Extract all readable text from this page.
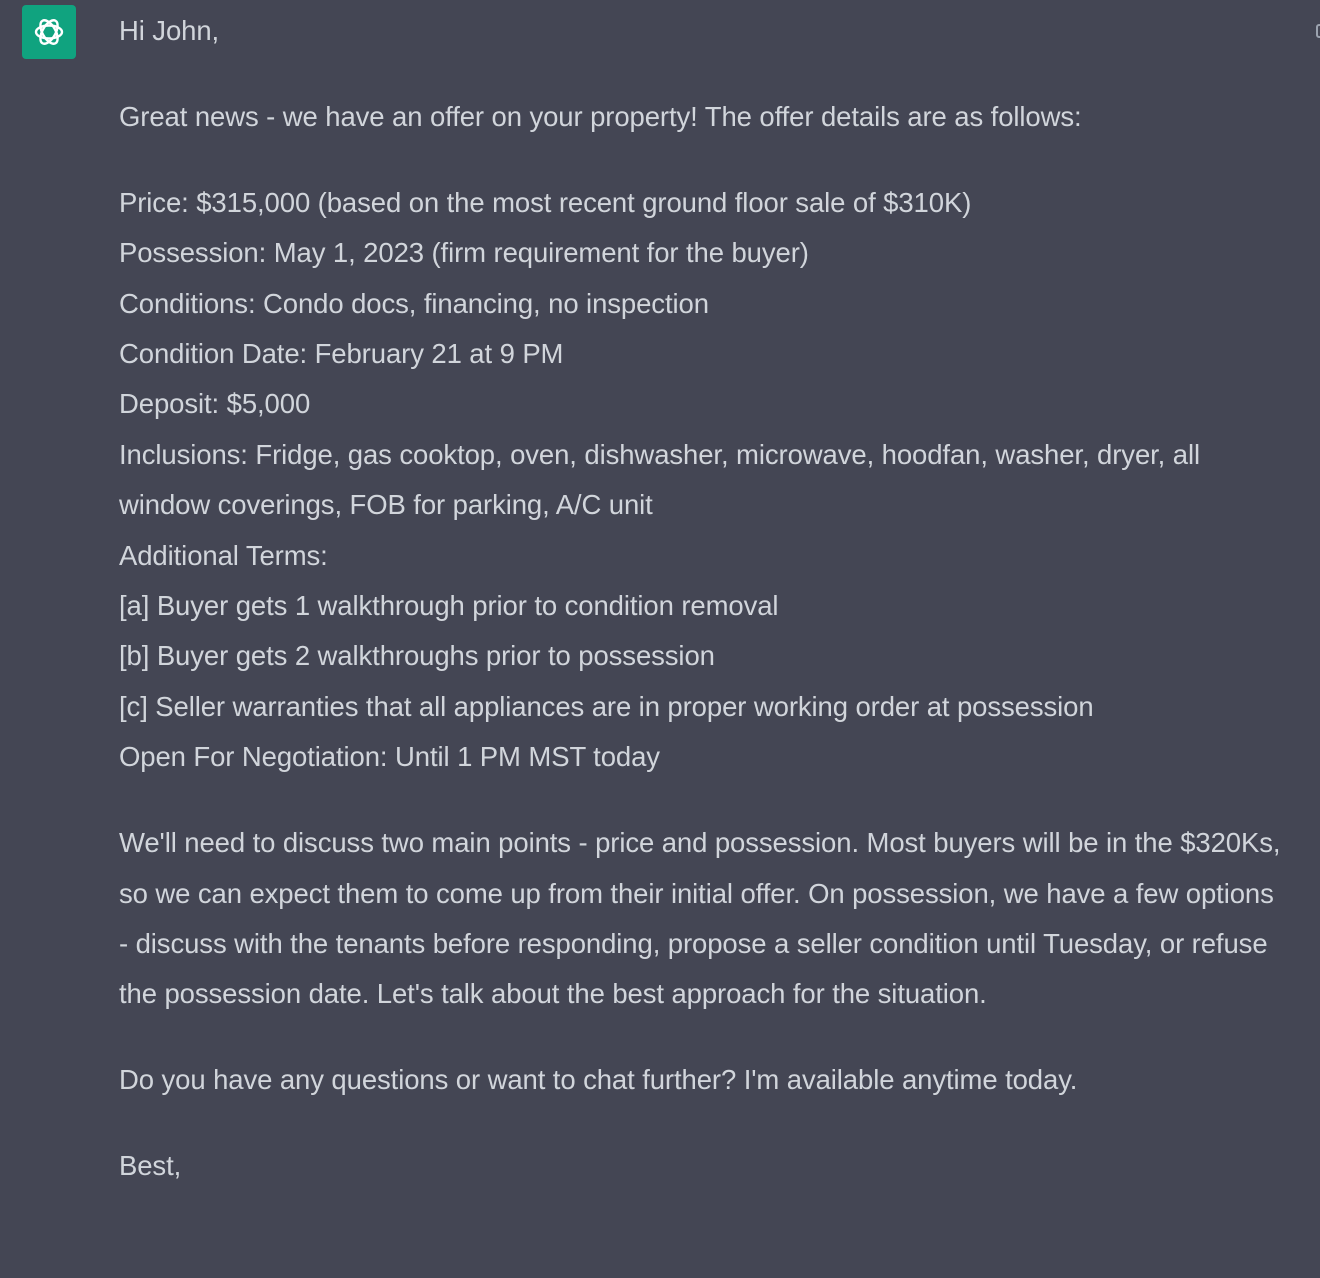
Hi John,

Great news - we have an offer on your property! The offer details are as follows:

Price: $315,000 (based on the most recent ground floor sale of $310K)
Possession: May 1, 2023 (firm requirement for the buyer)
Conditions: Condo docs, financing, no inspection
Condition Date: February 21 at 9 PM
Deposit: $5,000
Inclusions: Fridge, gas cooktop, oven, dishwasher, microwave, hoodfan, washer, dryer, all window coverings, FOB for parking, A/C unit
Additional Terms:
[a] Buyer gets 1 walkthrough prior to condition removal
[b] Buyer gets 2 walkthroughs prior to possession
[c] Seller warranties that all appliances are in proper working order at possession
Open For Negotiation: Until 1 PM MST today

We'll need to discuss two main points - price and possession. Most buyers will be in the $320Ks, so we can expect them to come up from their initial offer. On possession, we have a few options - discuss with the tenants before responding, propose a seller condition until Tuesday, or refuse the possession date. Let's talk about the best approach for the situation.

Do you have any questions or want to chat further? I'm available anytime today.

Best,
